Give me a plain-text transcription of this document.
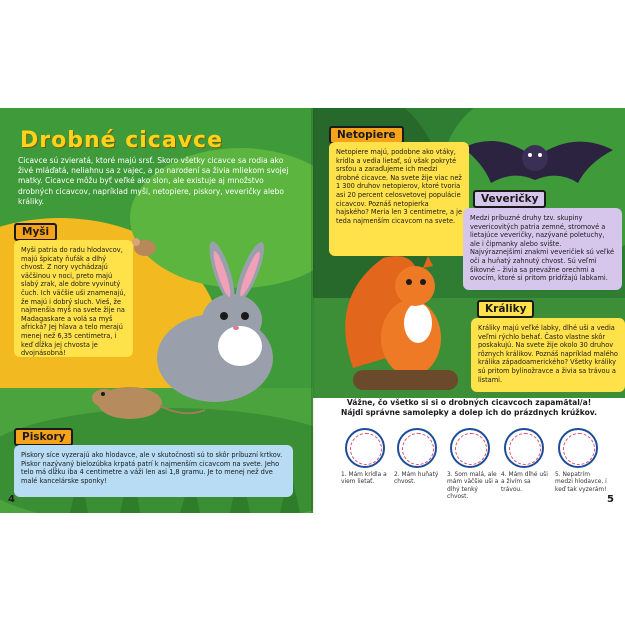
Drobné cicavce

Cicavce sú zvieratá, ktoré majú srsť. Skoro všetky cicavce sa rodia ako živé mláďatá, neliahnu sa z vajec, a po narodení sa živia mliekom svojej matky. Cicavce môžu byť veľké ako slon, ale existuje aj množstvo drobných cicavcov, napríklad myši, netopiere, piskory, veveričky alebo králiky.

Myši

Myši patria do radu hlodavcov, majú špicaty ňufák a dlhý chvost. Z nory vychádzajú väčšinou v noci, preto majú slabý zrak, ale dobre vyvinutý čuch. Ich väčšie uši znamenajú, že majú i dobrý sluch. Vieš, že najmenšia myš na svete žije na Madagaskare a volá sa myš africká? Jej hlava a telo merajú menej než 6,35 centimetra, i keď dĺžka jej chvosta je dvojnásobná!

Piskory

Piskory síce vyzerajú ako hlodavce, ale v skutočnosti sú to skôr príbuzní krtkov. Piskor nazývaný bielozúbka krpatá patrí k najmenším cicavcom na svete. Jeho telo má dĺžku iba 4 centimetre a váži len asi 1,8 gramu. Je to menej než dve malé kancelárske sponky!

4
Netopiere

Netopiere majú, podobne ako vtáky, krídla a vedia lietať, sú však pokryté srsťou a zaraďujeme ich medzi drobné cicavce. Na svete žije viac než 1 300 druhov netopierov, ktoré tvoria asi 20 percent celosvetovej populácie cicavcov. Poznáš netopierka hajského? Meria len 3 centimetre, a je teda najmenším cicavcom na svete.

Veveričky

Medzi príbuzné druhy tzv. skupiny vevericovitých patria zemné, stromové a lietajúce veveričky, nazývané poletuchy, ale i čipmanky alebo svište. Najvýraznejšími znakmi veveričiek sú veľké oči a huňatý zahnutý chvost. Sú veľmi šikovné – živia sa prevažne orechmi a ovocím, ktoré si pritom pridŕžajú labkami.

Králiky

Králiky majú veľké labky, dlhé uši a vedia veľmi rýchlo behať. Často vlastne skôr poskakujú. Na svete žije okolo 30 druhov rôznych králikov. Poznáš napríklad malého králika západoamerického? Všetky králiky sú pritom bylinožravce a živia sa trávou a listami.

Vážne, čo všetko si si o drobných cicavcoch zapamätal/a!
Nájdi správne samolepky a dolep ich do prázdnych krúžkov.
1. Mám krídla a viem lietať.
2. Mám huňatý chvost.
3. Som malá, ale mám väčšie uši a dlhý tenký chvost.
4. Mám dlhé uši a živím sa trávou.
5. Nepatrím medzi hlodavce, i keď tak vyzerám!
5
